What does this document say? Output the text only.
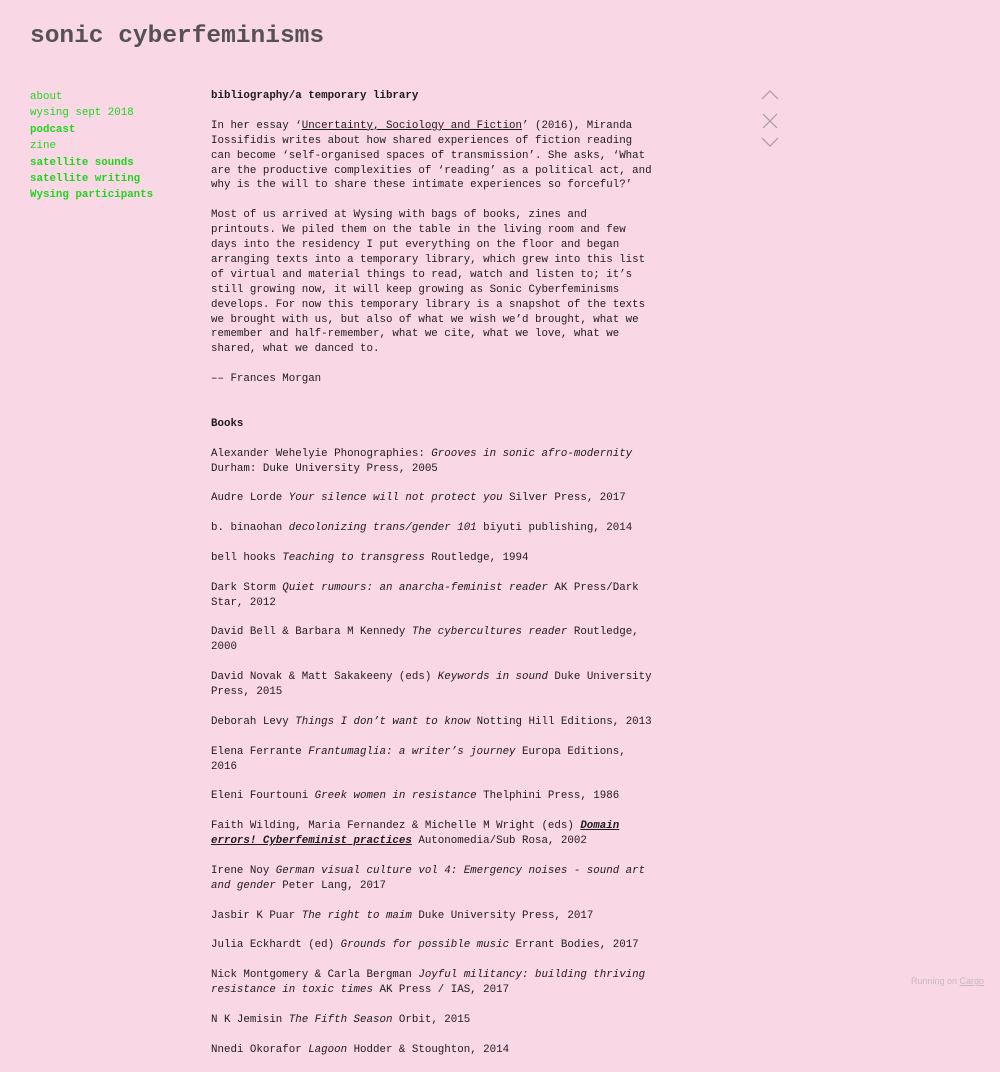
sonic cyberfeminisms
about
wysing sept 2018
podcast
zine
satellite sounds
satellite writing
Wysing participants
bibliography/a temporary library

In her essay ‘Uncertainty, Sociology and Fiction’ (2016), Miranda Iossifidis writes about how shared experiences of fiction reading can become ‘self-organised spaces of transmission’. She asks, ‘What are the productive complexities of ‘reading’ as a political act, and why is the will to share these intimate experiences so forceful?’

Most of us arrived at Wysing with bags of books, zines and printouts. We piled them on the table in the living room and few days into the residency I put everything on the floor and began arranging texts into a temporary library, which grew into this list of virtual and material things to read, watch and listen to; it’s still growing now, it will keep growing as Sonic Cyberfeminisms develops. For now this temporary library is a snapshot of the texts we brought with us, but also of what we wish we’d brought, what we remember and half-remember, what we cite, what we love, what we shared, what we danced to.

–– Frances Morgan

Books

Alexander Wehelyie Phonographies: Grooves in sonic afro-modernity Durham: Duke University Press, 2005

Audre Lorde Your silence will not protect you Silver Press, 2017

b. binaohan decolonizing trans/gender 101 biyuti publishing, 2014

bell hooks Teaching to transgress Routledge, 1994

Dark Storm Quiet rumours: an anarcha-feminist reader AK Press/Dark Star, 2012

David Bell & Barbara M Kennedy The cybercultures reader Routledge, 2000

David Novak & Matt Sakakeeny (eds) Keywords in sound Duke University Press, 2015

Deborah Levy Things I don’t want to know Notting Hill Editions, 2013

Elena Ferrante Frantumaglia: a writer’s journey Europa Editions, 2016

Eleni Fourtouni Greek women in resistance Thelphini Press, 1986

Faith Wilding, Maria Fernandez & Michelle M Wright (eds) Domain errors! Cyberfeminist practices Autonomedia/Sub Rosa, 2002

Irene Noy German visual culture vol 4: Emergency noises - sound art and gender Peter Lang, 2017

Jasbir K Puar The right to maim Duke University Press, 2017

Julia Eckhardt (ed) Grounds for possible music Errant Bodies, 2017

Nick Montgomery & Carla Bergman Joyful militancy: building thriving resistance in toxic times AK Press / IAS, 2017

N K Jemisin The Fifth Season Orbit, 2015

Nnedi Okorafor Lagoon Hodder & Stoughton, 2014

Running on Cargo
